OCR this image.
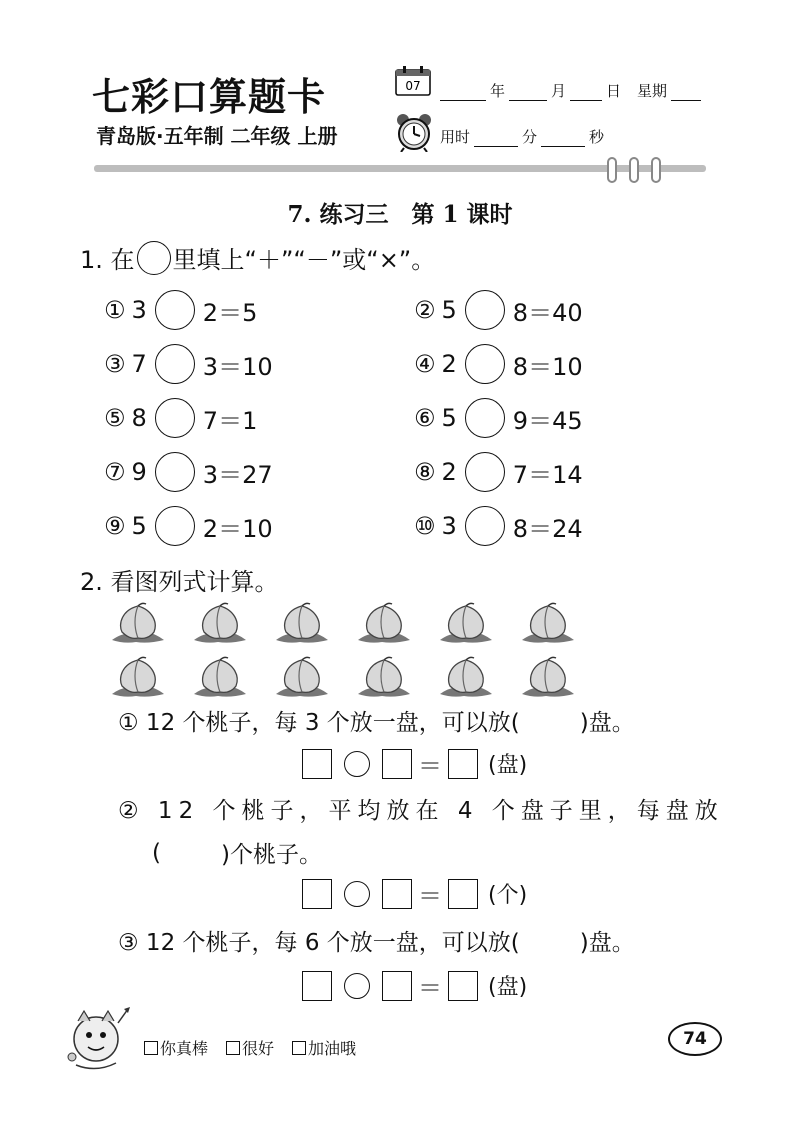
七彩口算题卡
青岛版·五年制 二年级 上册
07	年	月	日 星期
用时	分	秒
7. 练习三　第 1 课时
1. 在 里填上“＋”“－”或“×”。
① 3 2＝5	② 5 8＝40
③ 7 3＝10	④ 2 8＝10
⑤ 8 7＝1	⑥ 5 9＝45
⑦ 9 3＝27	⑧ 2 7＝14
⑨ 5 2＝10	⑩ 3 8＝24
2. 看图列式计算。
① 12 个桃子，每 3 个放一盘，可以放(	)盘。
＝ (盘)
② 12 个桃子，平均放在 4 个盘子里，每盘放
(	)个桃子。
＝ (个)
③ 12 个桃子，每 6 个放一盘，可以放(	)盘。
＝ (盘)
你真棒 很好 加油哦	74
